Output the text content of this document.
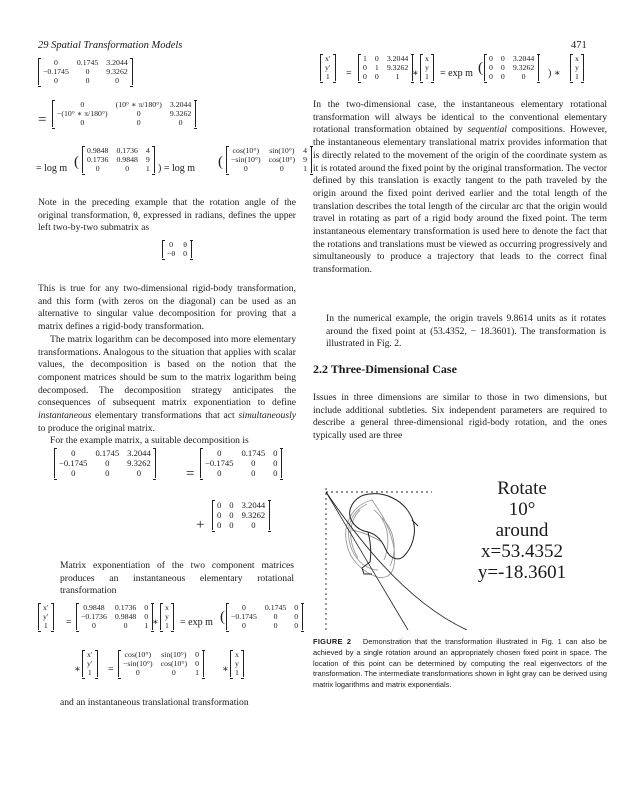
29 Spatial Transformation Models	471
0	0.1745	3.2044
−0.1745	0	9.3262
0	0	0

=
0	(10° ∗ π/180°)	3.2044
−(10° ∗ π/180°)	0	9.3262
0	0	0

= log m (
0.9848	0.1736	4
0.1736	0.9848	9
0	0	1 ) = log m (
cos(10°)	sin(10°)	4
−sin(10°)	cos(10°)	9
0	0	1

Note in the preceding example that the rotation angle of the original transformation, θ, expressed in radians, defines the upper left two-by-two submatrix as

0	θ
−θ	0

This is true for any two-dimensional rigid-body transformation, and this form (with zeros on the diagonal) can be used as an alternative to singular value decomposition for proving that a matrix defines a rigid-body transformation.

The matrix logarithm can be decomposed into more elementary transformations. Analogous to the situation that applies with scalar values, the decomposition is based on the notion that the component matrices should be sum to the matrix logarithm being decomposed. The decomposition strategy anticipates the consequences of subsequent matrix exponentiation to define instantaneous elementary transformations that act simultaneously to produce the original matrix.

For the example matrix, a suitable decomposition is

0	0.1745	3.2044
−0.1745	0	9.3262
0	0	0	=
0	0.1745	0
−0.1745	0	0
0	0	0

+
0	0	3.2044
0	0	9.3262
0	0	0

Matrix exponentiation of the two component matrices produces an instantaneous elementary rotational transformation

x′
y′
1 =
0.9848	0.1736	0
−0.1736	0.9848	0
0	0	1 ∗
x
y
1 = exp m (
0	0.1745	0
−0.1745	0	0
0	0	0

∗
x′
y′
1 =
cos(10°)	sin(10°)	0
−sin(10°)	cos(10°)	0
0	0	1 ∗
x
y
1

and an instantaneous translational transformation

x′
y′
1 =
1	0	3.2044
0	1	9.3262
0	0	1 ∗
x
y
1 = exp m (
0	0	3.2044
0	0	9.3262
0	0	0 ) ∗
x
y
1

In the two-dimensional case, the instantaneous elementary rotational transformation will always be identical to the conventional elementary rotational transformation obtained by sequential compositions. However, the instantaneous elementary translational matrix provides information that is directly related to the movement of the origin of the coordinate system as it is rotated around the fixed point by the original transformation. The vector defined by this translation is exactly tangent to the path traveled by the origin around the fixed point derived earlier and the total length of the translation describes the total length of the circular arc that the origin would travel in rotating as part of a rigid body around the fixed point. The term instantaneous elementary transformation is used here to denote the fact that the rotations and translations must be viewed as occurring progressively and simultaneously to produce a trajectory that leads to the correct final transformation.

In the numerical example, the origin travels 9.8614 units as it rotates around the fixed point at (53.4352, − 18.3601). The transformation is illustrated in Fig. 2.

2.2 Three-Dimensional Case

Issues in three dimensions are similar to those in two dimensions, but include additional subtleties. Six independent parameters are required to describe a general three-dimensional rigid-body rotation, and the ones typically used are three

Rotate
10°
around
x=53.4352
y=-18.3601
FIGURE 2 Demonstration that the transformation illustrated in Fig. 1 can also be achieved by a single rotation around an appropriately chosen fixed point in space. The location of this point can be determined by computing the real eigenvectors of the transformation. The intermediate transformations shown in light gray can be derived using matrix logarithms and matrix exponentials.
